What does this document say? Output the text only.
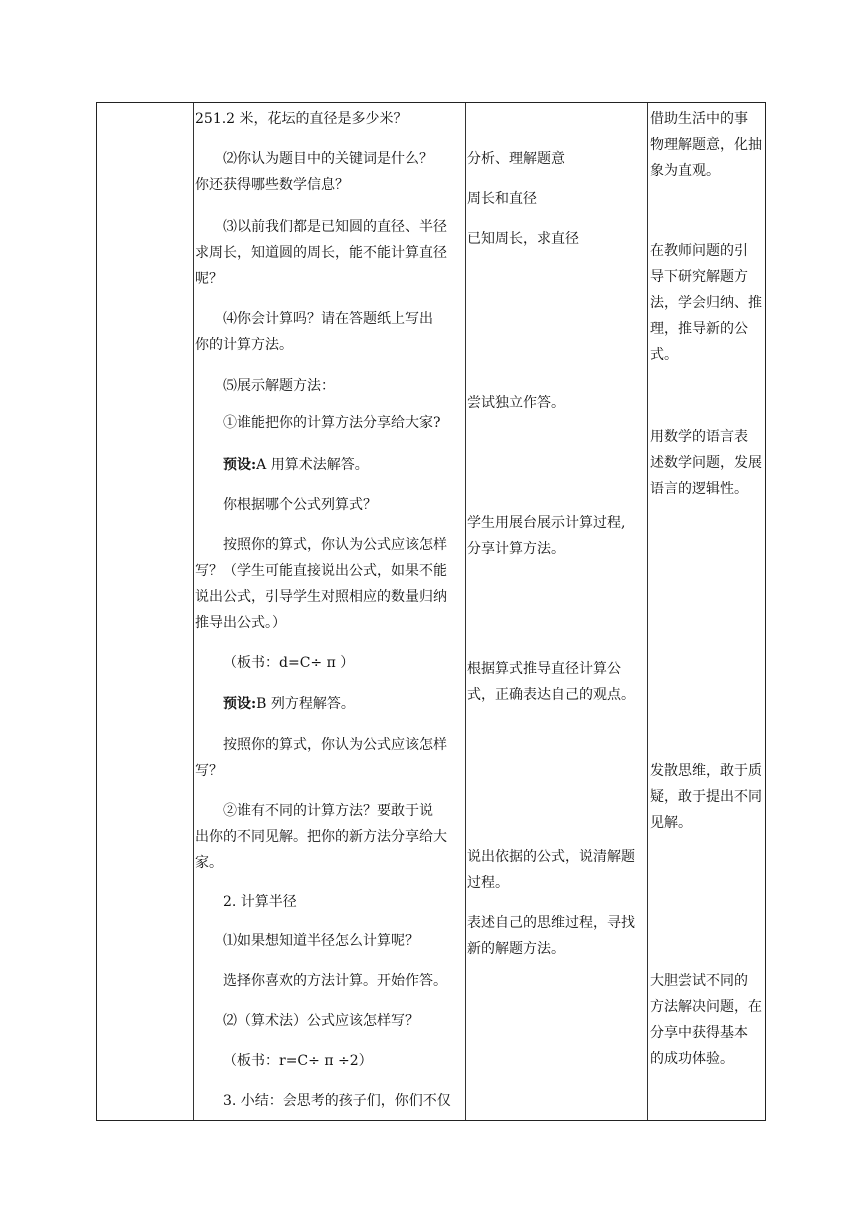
251.2 米，花坛的直径是多少米？

⑵你认为题目中的关键词是什么？

你还获得哪些数学信息？

⑶以前我们都是已知圆的直径、半径

求周长，知道圆的周长，能不能计算直径

呢？

⑷你会计算吗？请在答题纸上写出

你的计算方法。

⑸展示解题方法：

①谁能把你的计算方法分享给大家?

预设:A 用算术法解答。

你根据哪个公式列算式？

按照你的算式，你认为公式应该怎样

写？（学生可能直接说出公式，如果不能

说出公式，引导学生对照相应的数量归纳

推导出公式。）

（板书：d=C÷ π ）

预设:B 列方程解答。

按照你的算式，你认为公式应该怎样

写？

②谁有不同的计算方法？要敢于说

出你的不同见解。把你的新方法分享给大

家。

2. 计算半径

⑴如果想知道半径怎么计算呢？

选择你喜欢的方法计算。开始作答。

⑵（算术法）公式应该怎样写？

（板书：r=C÷ π ÷2）

3. 小结：会思考的孩子们，你们不仅

分析、理解题意

周长和直径

已知周长，求直径

尝试独立作答。

学生用展台展示计算过程,

分享计算方法。

根据算式推导直径计算公

式，正确表达自己的观点。

说出依据的公式，说清解题

过程。

表述自己的思维过程，寻找

新的解题方法。

借助生活中的事

物理解题意，化抽

象为直观。

在教师问题的引

导下研究解题方

法，学会归纳、推

理，推导新的公

式。

用数学的语言表

述数学问题，发展

语言的逻辑性。

发散思维，敢于质

疑，敢于提出不同

见解。

大胆尝试不同的

方法解决问题，在

分享中获得基本

的成功体验。
